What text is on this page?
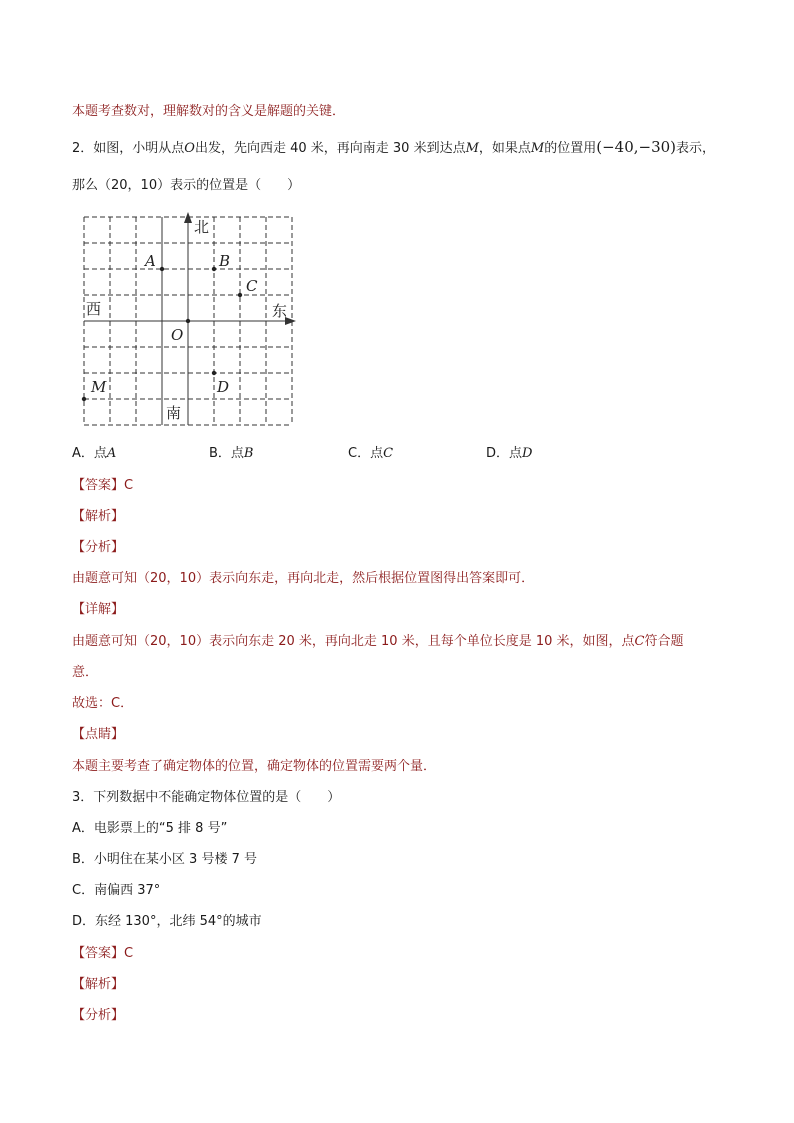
本题考查数对，理解数对的含义是解题的关键．
2．如图，小明从点O出发，先向西走 40 米，再向南走 30 米到达点M，如果点M的位置用(−40,−30)表示，
那么（20，10）表示的位置是（　　）
北
南
西	东
A	B
C
O
D
M
A．点A	B．点B	C．点C	D．点D
【答案】C
【解析】
【分析】
由题意可知（20，10）表示向东走，再向北走，然后根据位置图得出答案即可．
【详解】
由题意可知（20，10）表示向东走 20 米，再向北走 10 米，且每个单位长度是 10 米，如图，点C符合题
意．
故选：C．
【点睛】
本题主要考查了确定物体的位置，确定物体的位置需要两个量．
3．下列数据中不能确定物体位置的是（　　）
A．电影票上的“5 排 8 号”
B．小明住在某小区 3 号楼 7 号
C．南偏西 37°
D．东经 130°，北纬 54°的城市
【答案】C
【解析】
【分析】
